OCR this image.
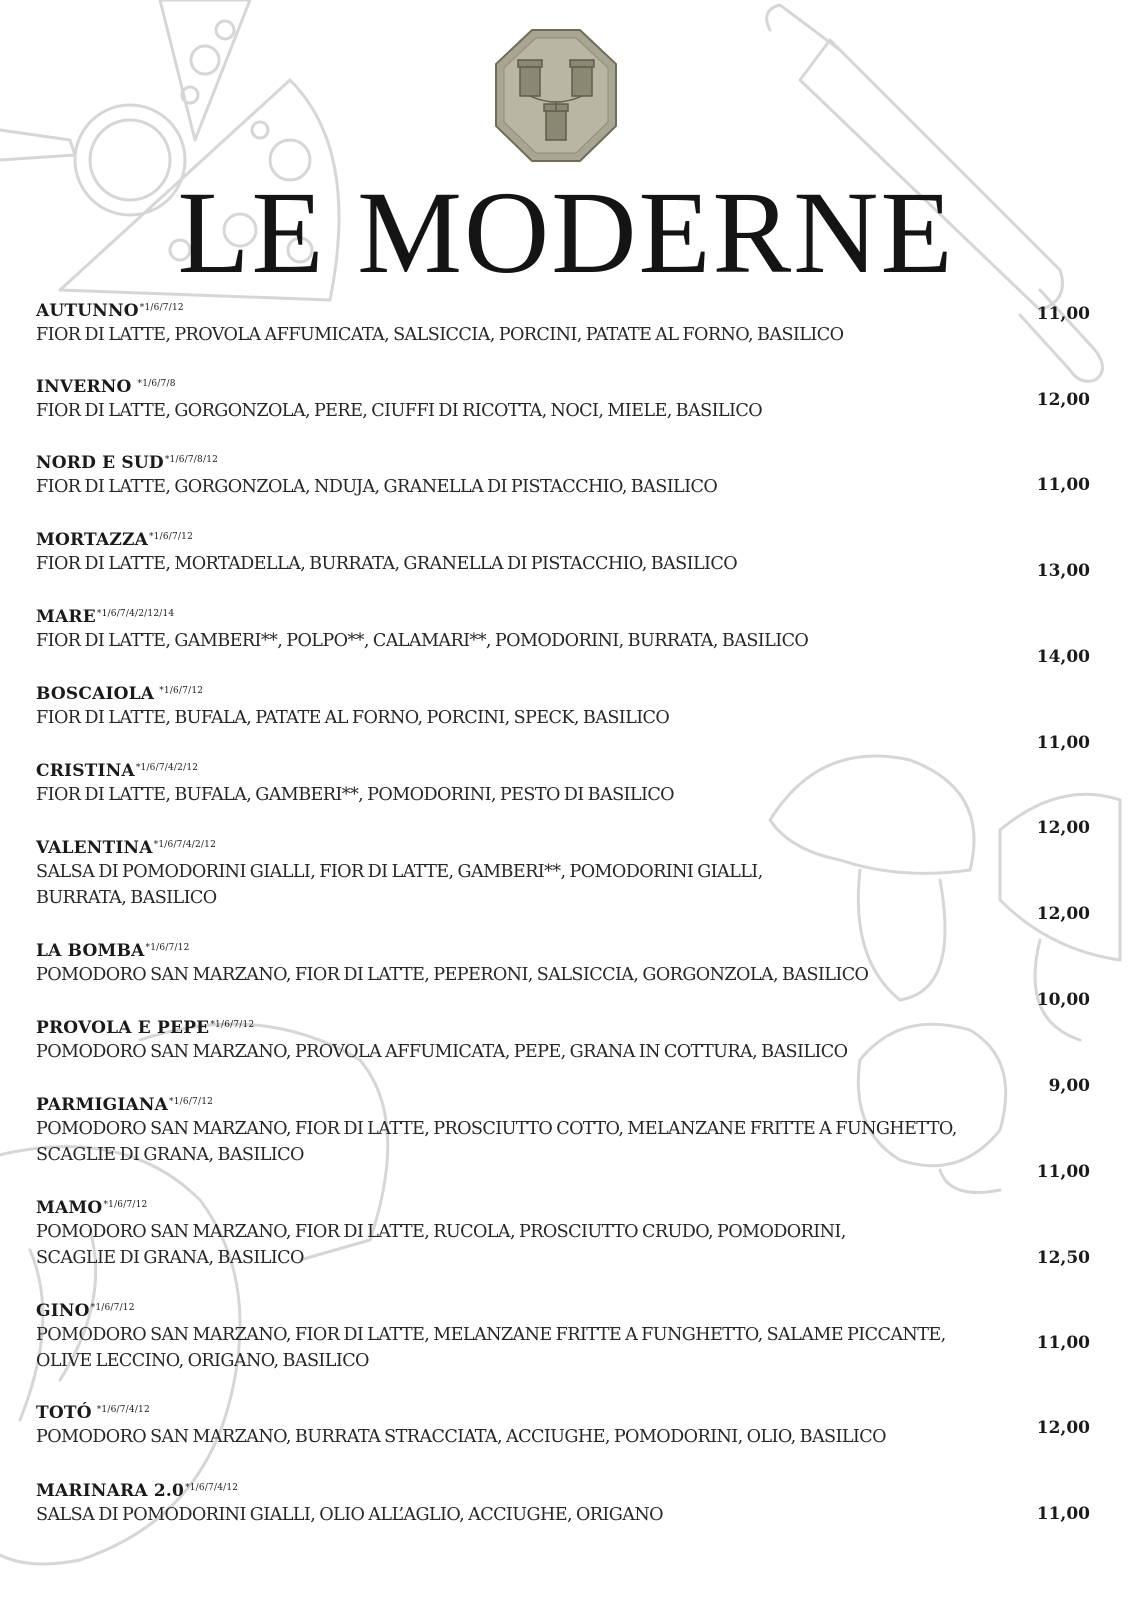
LE MODERNE
$AUTUNNO^{*1/6/7/12}$
FIOR DI LATTE, PROVOLA AFFUMICATA, SALSICCIA, PORCINI, PATATE AL FORNO, BASILICO
11,00
INVERNO $^{*1/6/7/8}$
FIOR DI LATTE, GORGONZOLA, PERE, CIUFFI DI RICOTTA, NOCI, MIELE, BASILICO
12,00
NORD E $SUD^{*1/6/7/8/12}$
FIOR DI LATTE, GORGONZOLA, NDUJA, GRANELLA DI PISTACCHIO, BASILICO	11,00
$MORTAZZA^{*1/6/7/12}$
FIOR DI LATTE, MORTADELLA, BURRATA, GRANELLA DI PISTACCHIO, BASILICO	13,00
$MARE^{*1/6/7/4/2/12/14}$
FIOR DI LATTE, GAMBERI**, POLPO**, CALAMARI**, POMODORINI, BURRATA, BASILICO
14,00
BOSCAIOLA $^{*1/6/7/12}$
FIOR DI LATTE, BUFALA, PATATE AL FORNO, PORCINI, SPECK, BASILICO
11,00
$CRISTINA^{*1/6/7/4/2/12}$
FIOR DI LATTE, BUFALA, GAMBERI**, POMODORINI, PESTO DI BASILICO
12,00
$VALENTINA^{*1/6/7/4/2/12}$
SALSA DI POMODORINI GIALLI, FIOR DI LATTE, GAMBERI**, POMODORINI GIALLI,
BURRATA, BASILICO
12,00
LA $BOMBA^{*1/6/7/12}$
POMODORO SAN MARZANO, FIOR DI LATTE, PEPERONI, SALSICCIA, GORGONZOLA, BASILICO
10,00
PROVOLA E $PEPE^{*1/6/7/12}$
POMODORO SAN MARZANO, PROVOLA AFFUMICATA, PEPE, GRANA IN COTTURA, BASILICO
9,00
$PARMIGIANA^{*1/6/7/12}$
POMODORO SAN MARZANO, FIOR DI LATTE, PROSCIUTTO COTTO, MELANZANE FRITTE A FUNGHETTO,
SCAGLIE DI GRANA, BASILICO
11,00
$MAMO^{*1/6/7/12}$
POMODORO SAN MARZANO, FIOR DI LATTE, RUCOLA, PROSCIUTTO CRUDO, POMODORINI,
SCAGLIE DI GRANA, BASILICO	12,50
$GINO^{*1/6/7/12}$
POMODORO SAN MARZANO, FIOR DI LATTE, MELANZANE FRITTE A FUNGHETTO, SALAME PICCANTE,
OLIVE LECCINO, ORIGANO, BASILICO
11,00
TOTÓ $^{*1/6/7/4/12}$
POMODORO SAN MARZANO, BURRATA STRACCIATA, ACCIUGHE, POMODORINI, OLIO, BASILICO	12,00
MARINARA $2.0^{*1/6/7/4/12}$
SALSA DI POMODORINI GIALLI, OLIO ALL’AGLIO, ACCIUGHE, ORIGANO	11,00
